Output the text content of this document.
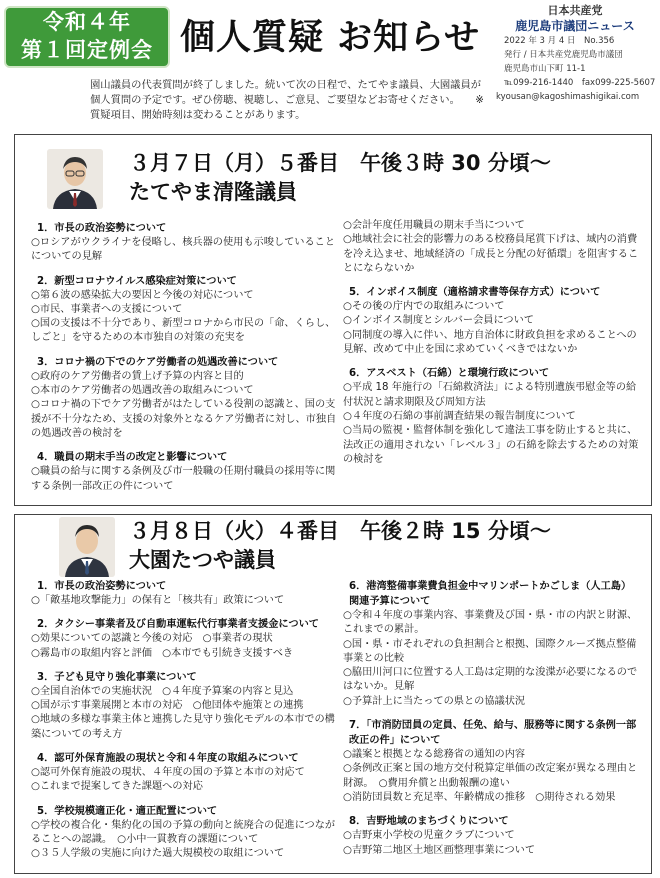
令和４年
第１回定例会 個人質疑 お知らせ
日本共産党
鹿児島市議団ニュース
2022 年 3 月 4 日　No.356
発行 / 日本共産党鹿児島市議団
鹿児島市山下町 11-1
℡099-216-1440　fax099-225-5607
kyousan@kagoshimashigikai.com
園山議員の代表質問が終了しました。続いて次の日程で、たてやま議員、大園議員が個人質問の予定です。ぜひ傍聴、視聴し、ご意見、ご要望などお寄せください。　　※質疑項目、開始時刻は変わることがあります。
３月７日（月）５番目　午後３時 30 分頃〜
たてやま清隆議員
1．市長の政治姿勢について
○ロシアがウクライナを侵略し、核兵器の使用も示唆していることについての見解
2．新型コロナウイルス感染症対策について
○第６波の感染拡大の要因と今後の対応について
○市民、事業者への支援について
○国の支援は不十分であり、新型コロナから市民の「命、くらし、しごと」を守るための本市独自の対策の充実を
3．コロナ禍の下でのケア労働者の処遇改善について
○政府のケア労働者の賃上げ予算の内容と目的
○本市のケア労働者の処遇改善の取組みについて
○コロナ禍の下でケア労働者がはたしている役割の認識と、国の支援が不十分なため、支援の対象外となるケア労働者に対し、市独自の処遇改善の検討を
4．職員の期末手当の改定と影響について
○職員の給与に関する条例及び市一般職の任期付職員の採用等に関する条例一部改正の件について
○会計年度任用職員の期末手当について
○地域社会に社会的影響力のある校務員尾賞下げは、域内の消費を冷え込ませ、地域経済の「成長と分配の好循環」を阻害することにならないか
5．インボイス制度（適格請求書等保存方式）について
○その後の庁内での取組みについて
○インボイス制度とシルバー会員について
○同制度の導入に伴い、地方自治体に財政負担を求めることへの見解、改めて中止を国に求めていくべきではないか
6．アスベスト（石綿）と環境行政について
○平成 18 年施行の「石綿救済法」による特別遺族弔慰金等の給付状況と請求期限及び周知方法
○４年度の石綿の事前調査結果の報告制度について
○当局の監視・監督体制を強化して違法工事を防止すると共に、法改正の適用されない「レベル３」の石綿を除去するための対策の検討を
３月８日（火）４番目　午後２時 15 分頃〜
大園たつや議員
1．市長の政治姿勢について
○「敵基地攻撃能力」の保有と「核共有」政策について
2．タクシー事業者及び自動車運転代行事業者支援金について
○効果についての認識と今後の対応　○事業者の現状
○霧島市の取組内容と評価　○本市でも引続き支援すべき
3．子ども見守り強化事業について
○全国自治体での実施状況　○４年度予算案の内容と見込
○国が示す事業展開と本市の対応　○他団体や施策との連携
○地域の多様な事業主体と連携した見守り強化モデルの本市での構築についての考え方
4．認可外保育施設の現状と令和４年度の取組みについて
○認可外保育施設の現状、４年度の国の予算と本市の対応て
○これまで提案してきた課題への対応
5．学校規模適正化・適正配置について
○学校の複合化・集約化の国の予算の動向と統廃合の促進につながることへの認識。　○小中一貫教育の課題について
○３５人学級の実施に向けた過大規模校の取組について
6．港湾整備事業費負担金中マリンポートかごしま（人工島）関連予算について
○令和４年度の事業内容、事業費及び国・県・市の内訳と財源、これまでの累計。
○国・県・市それぞれの負担割合と根拠、国際クルーズ拠点整備事業との比較
○脇田川河口に位置する人工島は定期的な浚渫が必要になるのではないか。見解
○予算計上に当たっての県との協議状況
7．「市消防団員の定員、任免、給与、服務等に関する条例一部改正の件」について
○議案と根拠となる総務省の通知の内容
○条例改正案と国の地方交付税算定単価の改定案が異なる理由と財源。　○費用弁償と出動報酬の違い
○消防団員数と充足率、年齢構成の推移　○期待される効果
8．吉野地域のまちづくりについて
○吉野東小学校の児童クラブについて
○吉野第二地区土地区画整理事業について
